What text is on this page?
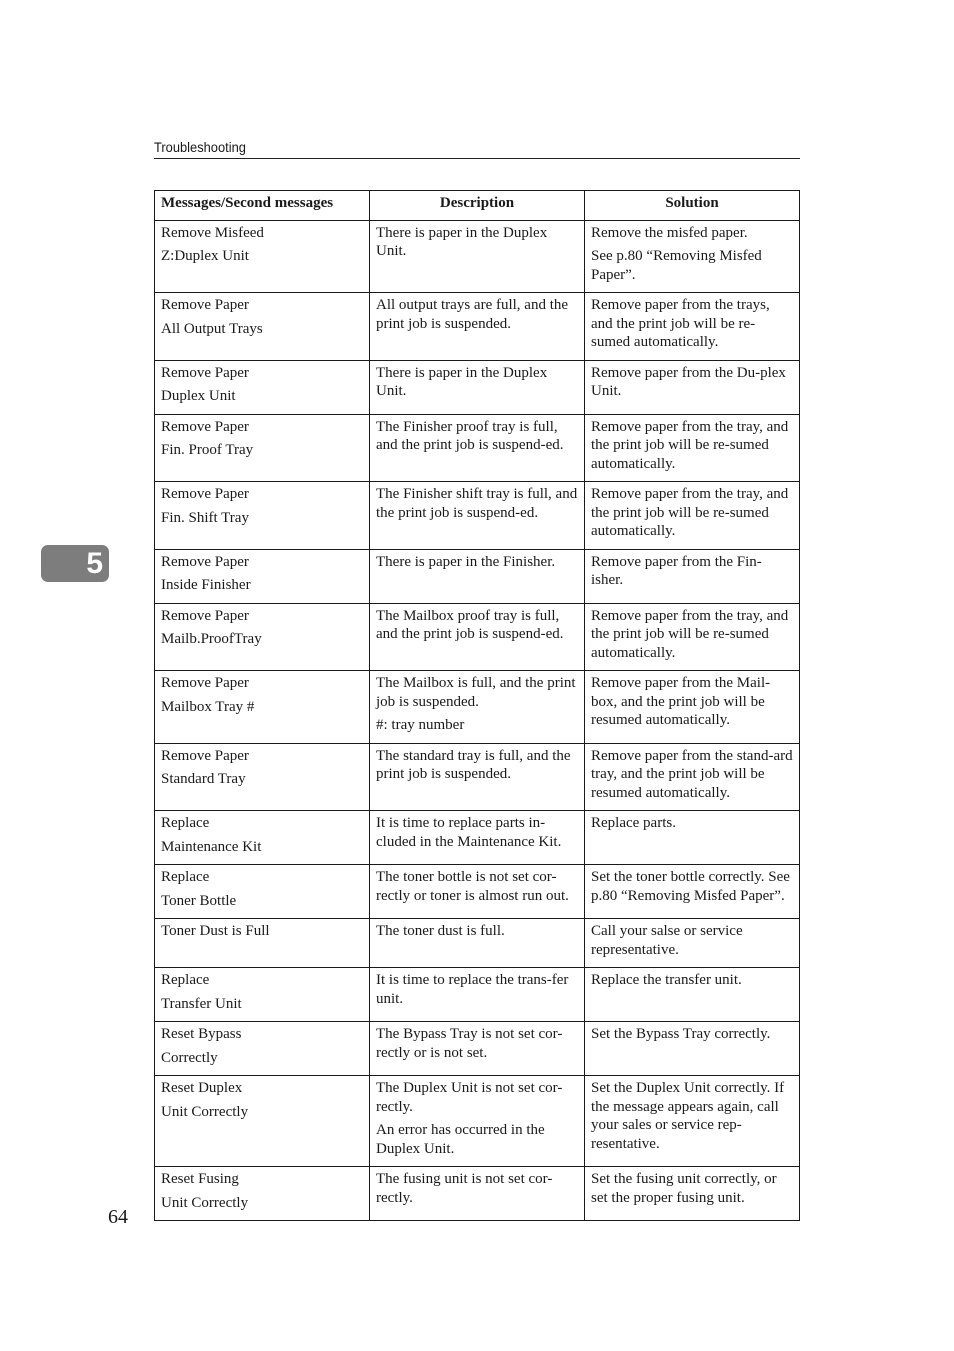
Troubleshooting
5
Messages/Second messages	Description	Solution

Remove Misfeed
Z:Duplex Unit	There is paper in the Duplex Unit.	Remove the misfed paper.
See p.80 “Removing Misfed Paper”.

Remove Paper
All Output Trays	All output trays are full, and the print job is suspended.	Remove paper from the trays, and the print job will be re-sumed automatically.

Remove Paper
Duplex Unit	There is paper in the Duplex Unit.	Remove paper from the Du-plex Unit.

Remove Paper
Fin. Proof Tray	The Finisher proof tray is full, and the print job is suspend-ed.	Remove paper from the tray, and the print job will be re-sumed automatically.

Remove Paper
Fin. Shift Tray	The Finisher shift tray is full, and the print job is suspend-ed.	Remove paper from the tray, and the print job will be re-sumed automatically.

Remove Paper
Inside Finisher	There is paper in the Finisher.	Remove paper from the Fin-isher.

Remove Paper
Mailb.ProofTray	The Mailbox proof tray is full, and the print job is suspend-ed.	Remove paper from the tray, and the print job will be re-sumed automatically.

Remove Paper
Mailbox Tray #	The Mailbox is full, and the print job is suspended.
#: tray number	Remove paper from the Mail-box, and the print job will be resumed automatically.

Remove Paper
Standard Tray	The standard tray is full, and the print job is suspended.	Remove paper from the stand-ard tray, and the print job will be resumed automatically.

Replace
Maintenance Kit	It is time to replace parts in-cluded in the Maintenance Kit.	Replace parts.

Replace
Toner Bottle	The toner bottle is not set cor-rectly or toner is almost run out.	Set the toner bottle correctly. See p.80 “Removing Misfed Paper”.

Toner Dust is Full	The toner dust is full.	Call your salse or service representative.

Replace
Transfer Unit	It is time to replace the trans-fer unit.	Replace the transfer unit.

Reset Bypass
Correctly	The Bypass Tray is not set cor-rectly or is not set.	Set the Bypass Tray correctly.

Reset Duplex
Unit Correctly	The Duplex Unit is not set cor-rectly.
An error has occurred in the Duplex Unit.	Set the Duplex Unit correctly. If the message appears again, call your sales or service rep-resentative.

Reset Fusing
Unit Correctly	The fusing unit is not set cor-rectly.	Set the fusing unit correctly, or set the proper fusing unit.
64
